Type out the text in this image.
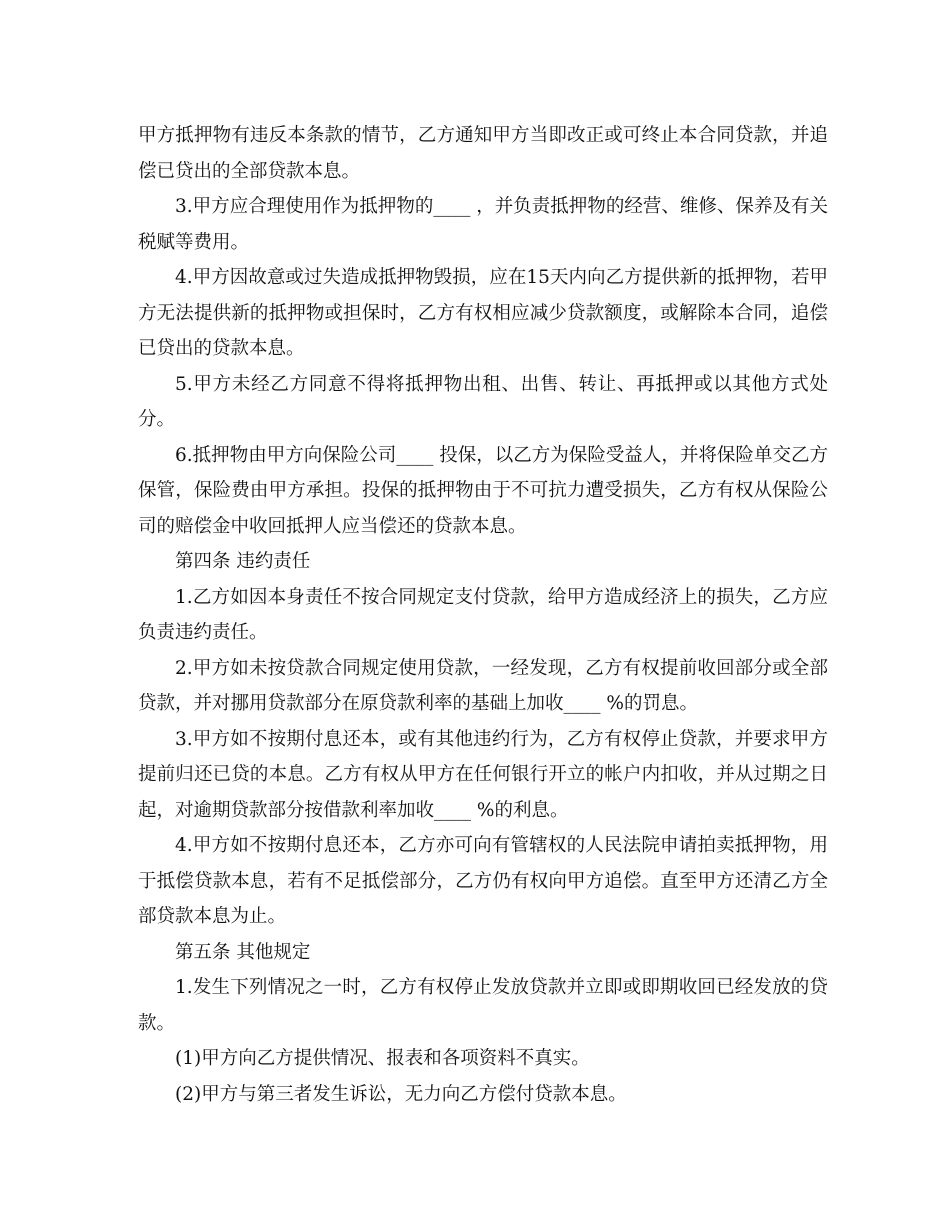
甲方抵押物有违反本条款的情节，乙方通知甲方当即改正或可终止本合同贷款，并追偿已贷出的全部贷款本息。

3.甲方应合理使用作为抵押物的____ ，并负责抵押物的经营、维修、保养及有关税赋等费用。

4.甲方因故意或过失造成抵押物毁损，应在15天内向乙方提供新的抵押物，若甲方无法提供新的抵押物或担保时，乙方有权相应减少贷款额度，或解除本合同，追偿已贷出的贷款本息。

5.甲方未经乙方同意不得将抵押物出租、出售、转让、再抵押或以其他方式处分。

6.抵押物由甲方向保险公司____ 投保，以乙方为保险受益人，并将保险单交乙方保管，保险费由甲方承担。投保的抵押物由于不可抗力遭受损失，乙方有权从保险公司的赔偿金中收回抵押人应当偿还的贷款本息。

第四条 违约责任

1.乙方如因本身责任不按合同规定支付贷款，给甲方造成经济上的损失，乙方应负责违约责任。

2.甲方如未按贷款合同规定使用贷款，一经发现，乙方有权提前收回部分或全部贷款，并对挪用贷款部分在原贷款利率的基础上加收____ %的罚息。

3.甲方如不按期付息还本，或有其他违约行为，乙方有权停止贷款，并要求甲方提前归还已贷的本息。乙方有权从甲方在任何银行开立的帐户内扣收，并从过期之日起，对逾期贷款部分按借款利率加收____ %的利息。

4.甲方如不按期付息还本，乙方亦可向有管辖权的人民法院申请拍卖抵押物，用于抵偿贷款本息，若有不足抵偿部分，乙方仍有权向甲方追偿。直至甲方还清乙方全部贷款本息为止。

第五条 其他规定

1.发生下列情况之一时，乙方有权停止发放贷款并立即或即期收回已经发放的贷款。

(1)甲方向乙方提供情况、报表和各项资料不真实。

(2)甲方与第三者发生诉讼，无力向乙方偿付贷款本息。
